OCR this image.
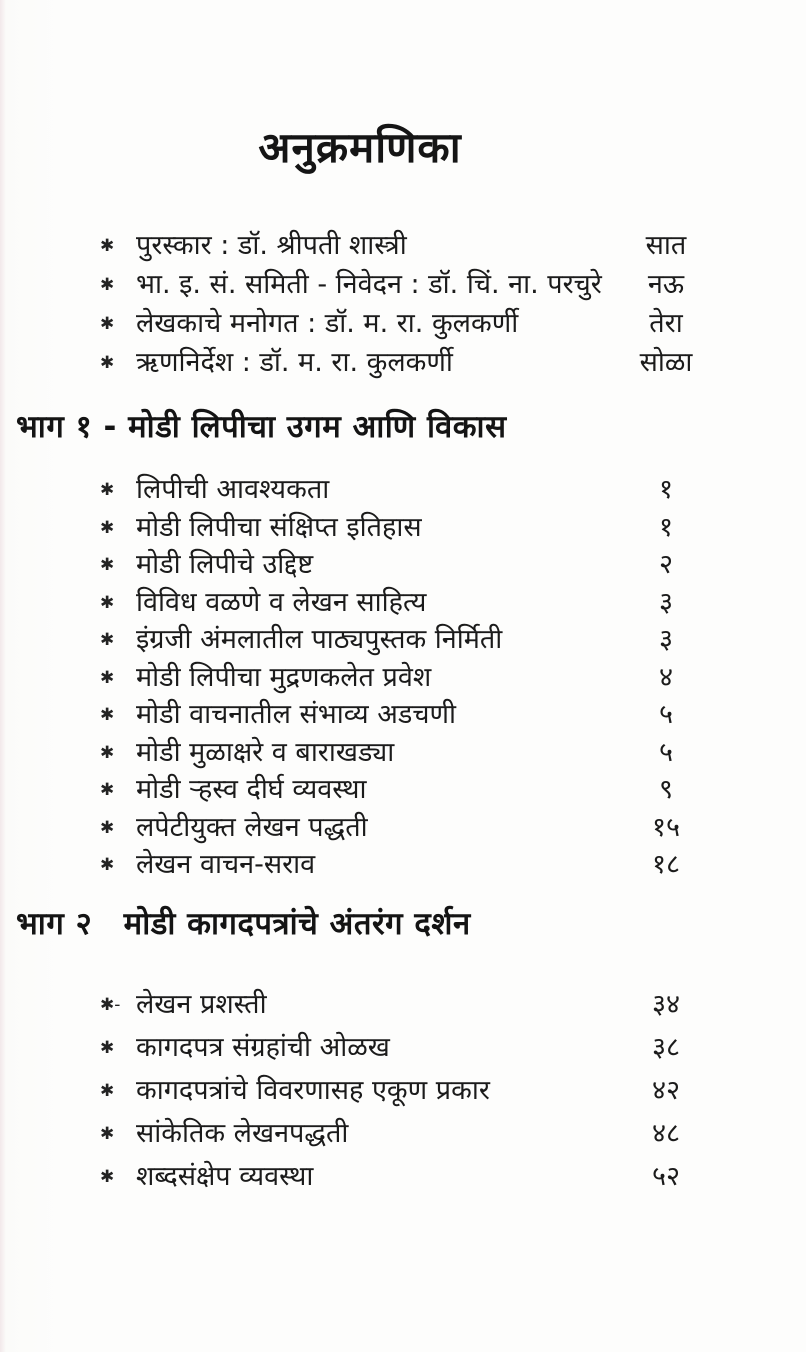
अनुक्रमणिका
✱ पुरस्कार : डॉ. श्रीपती शास्त्री	सात
✱ भा. इ. सं. समिती - निवेदन : डॉ. चिं. ना. परचुरे	नऊ
✱ लेखकाचे मनोगत : डॉ. म. रा. कुलकर्णी	तेरा
✱ ऋणनिर्देश : डॉ. म. रा. कुलकर्णी	सोळा
भाग १ - मोडी लिपीचा उगम आणि विकास
✱ लिपीची आवश्यकता	१
✱ मोडी लिपीचा संक्षिप्त इतिहास	१
✱ मोडी लिपीचे उद्दिष्ट	२
✱ विविध वळणे व लेखन साहित्य	३
✱ इंग्रजी अंमलातील पाठ्यपुस्तक निर्मिती	३
✱ मोडी लिपीचा मुद्रणकलेत प्रवेश	४
✱ मोडी वाचनातील संभाव्य अडचणी	५
✱ मोडी मुळाक्षरे व बाराखड्या	५
✱ मोडी ऱ्हस्व दीर्घ व्यवस्था	९
✱ लपेटीयुक्त लेखन पद्धती	१५
✱ लेखन वाचन-सराव	१८
भाग २ मोडी कागदपत्रांचे अंतरंग दर्शन
✱- लेखन प्रशस्ती	३४
✱ कागदपत्र संग्रहांची ओळख	३८
✱ कागदपत्रांचे विवरणासह एकूण प्रकार	४२
✱ सांकेतिक लेखनपद्धती	४८
✱ शब्दसंक्षेप व्यवस्था	५२
